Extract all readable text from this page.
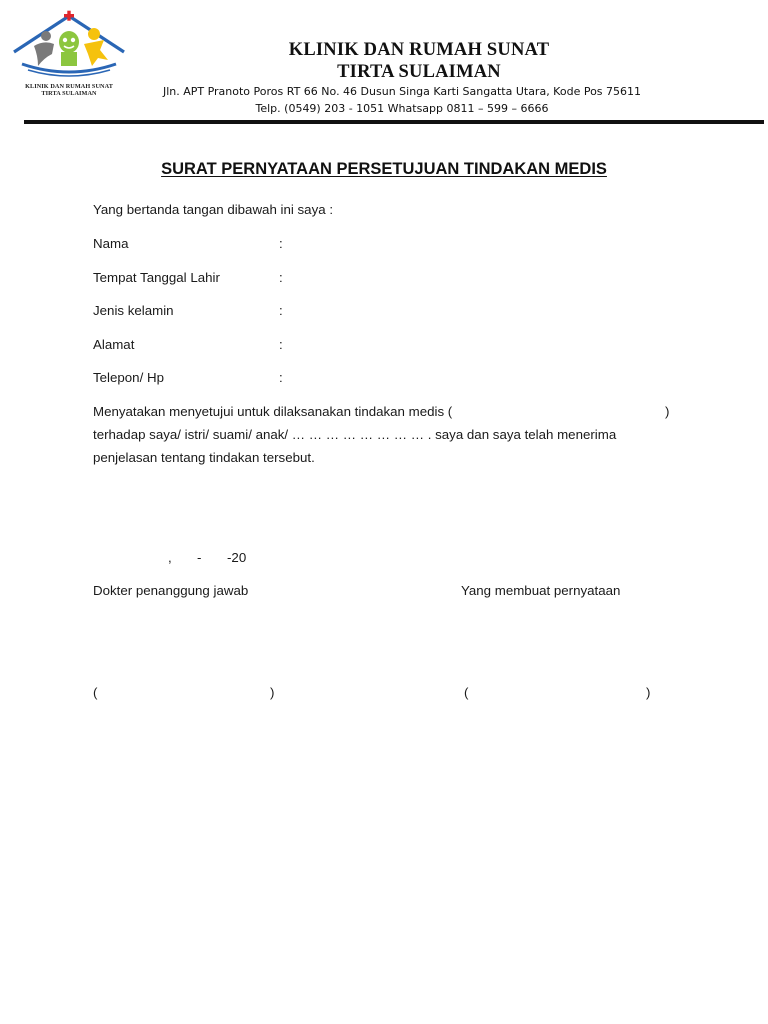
KLINIK DAN RUMAH SUNAT
TIRTA SULAIMAN
KLINIK DAN RUMAH SUNAT
TIRTA SULAIMAN
Jln. APT Pranoto Poros RT 66 No. 46 Dusun Singa Karti Sangatta Utara, Kode Pos 75611
Telp. (0549) 203 - 1051 Whatsapp 0811 – 599 – 6666
SURAT PERNYATAAN PERSETUJUAN TINDAKAN MEDIS
Yang bertanda tangan dibawah ini saya :
Nama	:
Tempat Tanggal Lahir	:
Jenis kelamin	:
Alamat	:
Telepon/ Hp	:
Menyatakan menyetujui untuk dilaksanakan tindakan medis (	)
terhadap saya/ istri/ suami/ anak/ … … … … … … … … . saya dan saya telah menerima
penjelasan tentang tindakan tersebut.
, - -20
Dokter penanggung jawab	Yang membuat pernyataan
(	)	(	)
